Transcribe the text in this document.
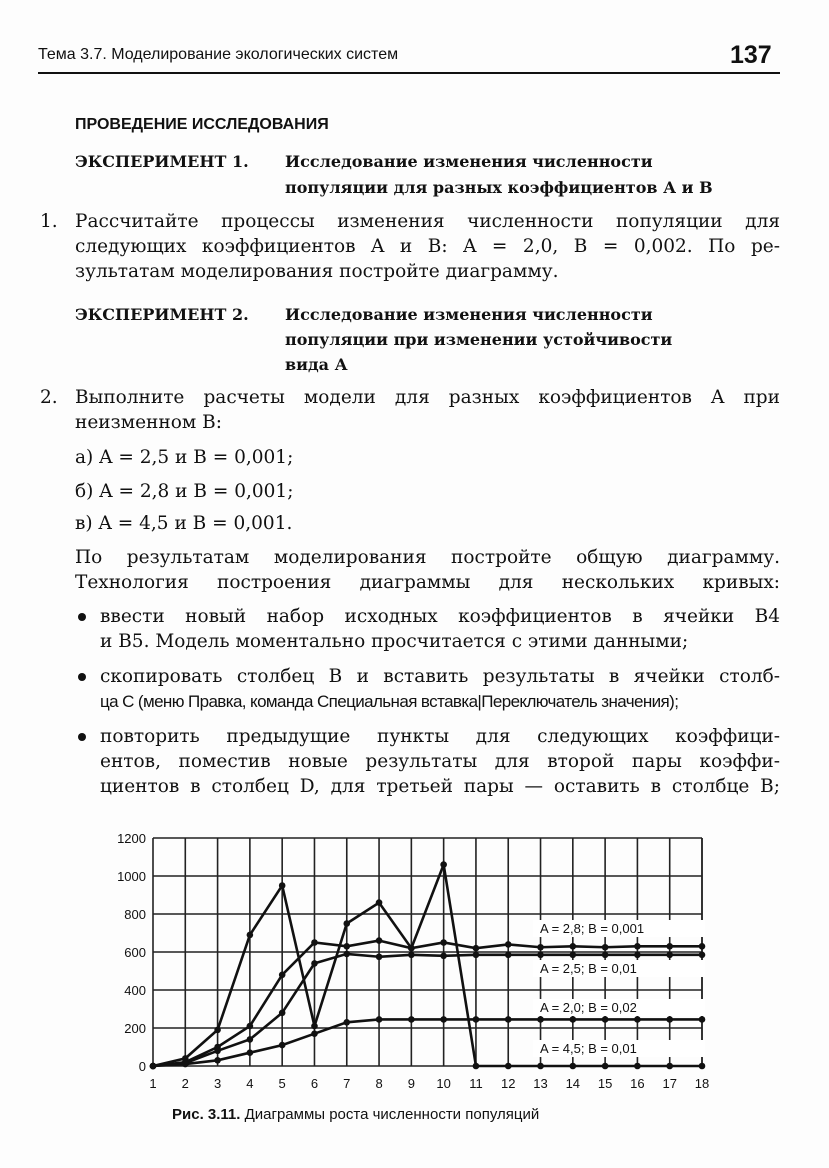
Тема 3.7. Моделирование экологических систем	137
ПРОВЕДЕНИЕ ИССЛЕДОВАНИЯ
ЭКСПЕРИМЕНТ 1. Исследование изменения численности
популяции для разных коэффициентов А и В
1. Рассчитайте процессы изменения численности популяции для
следующих коэффициентов A и B: A = 2,0, B = 0,002. По ре-
зультатам моделирования постройте диаграмму.
ЭКСПЕРИМЕНТ 2. Исследование изменения численности
популяции при изменении устойчивости
вида А
2. Выполните расчеты модели для разных коэффициентов A при
неизменном B:
а) A = 2,5 и B = 0,001;
б) A = 2,8 и B = 0,001;
в) A = 4,5 и B = 0,001.
По результатам моделирования постройте общую диаграмму.
Технология построения диаграммы для нескольких кривых:
ввести новый набор исходных коэффициентов в ячейки B4
и B5. Модель моментально просчитается с этими данными;
скопировать столбец B и вставить результаты в ячейки столб-
ца C (меню Правка, команда Специальная вставка|Переключатель значения);
повторить предыдущие пункты для следующих коэффици-
ентов, поместив новые результаты для второй пары коэффи-
циентов в столбец D, для третьей пары — оставить в столбце B;
1 2 3 4 5 6 7 8 9 10 11 12 13 14 15 16 17 18
0
200
400
600
800
1000
1200
A = 2,8; B = 0,001
A = 2,5; B = 0,01
A = 2,0; B = 0,02
A = 4,5; B = 0,01
Рис. 3.11. Диаграммы роста численности популяций
